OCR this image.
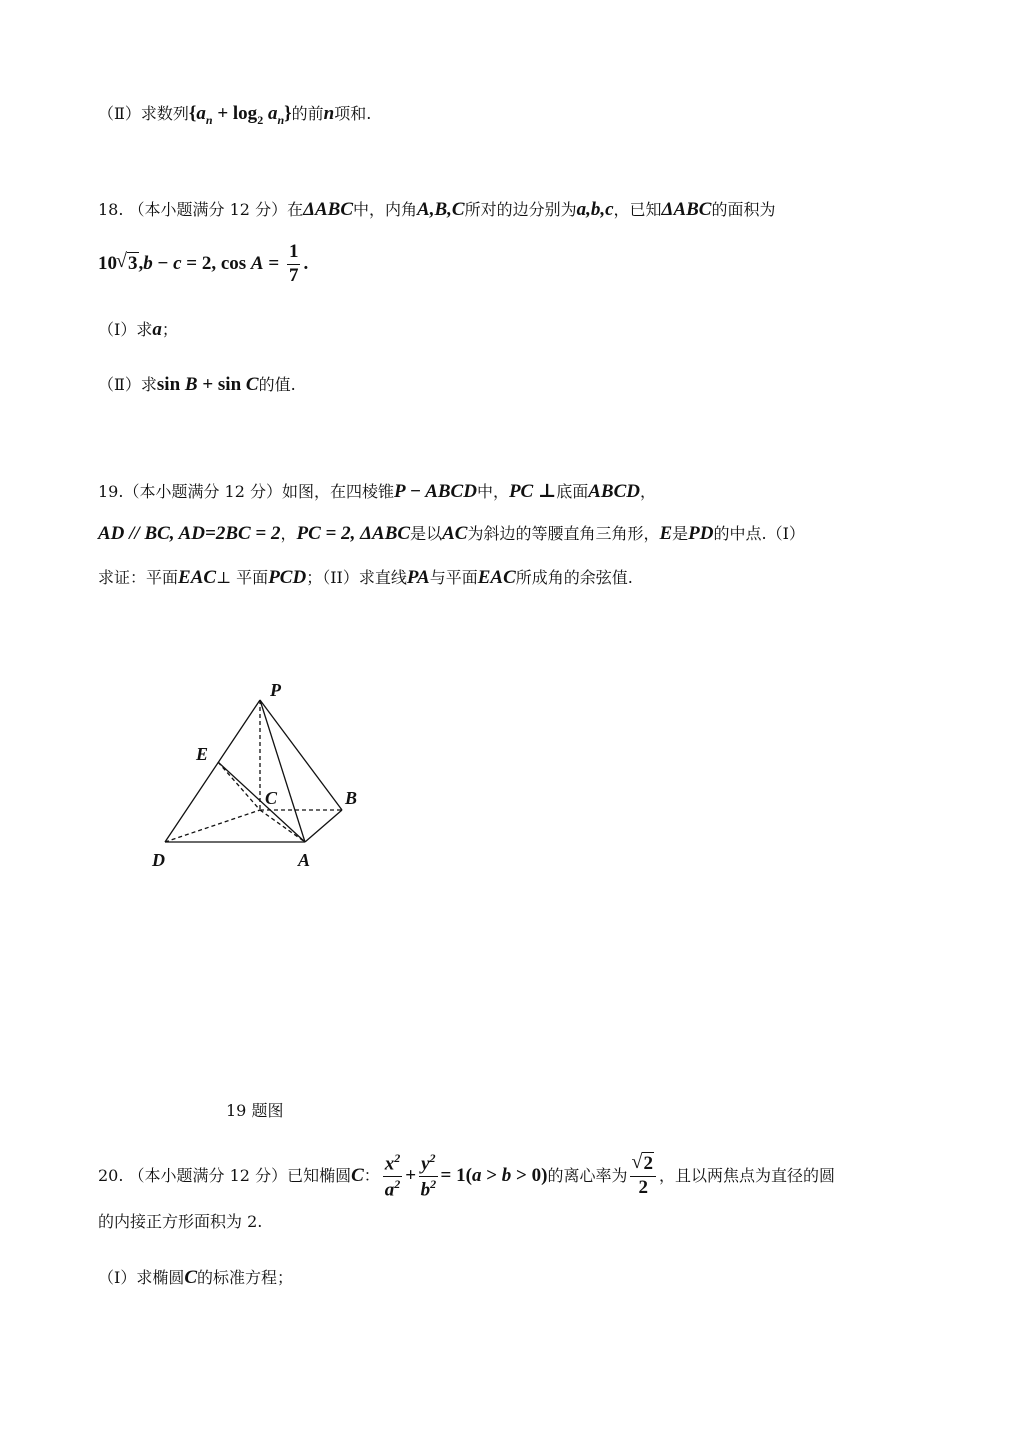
（Ⅱ）求数列$\{a_n + \log_2 a_n\}$的前n项和.
18. （本小题满分 12 分）在ΔABC中，内角A,B,C所对的边分别为a,b,c，已知ΔABC的面积为
10 √ 3,b − c = 2, $\cos A = \frac{1}{7}$ .
（Ⅰ）求a；
（Ⅱ）求sin B + sin C的值.
19.（本小题满分 12 分）如图，在四棱锥P − ABCD中，PC ⊥底面ABCD，
AD // BC, AD=2BC = 2，PC = 2, ΔABC是以AC为斜边的等腰直角三角形，E是PD的中点.（I）
求证：平面EAC⊥ 平面PCD；（II）求直线PA与平面EAC所成角的余弦值.
P
E
C	B
D	A
19 题图
20. （本小题满分 12 分）已知椭圆C： $\frac{x^2}{a^2} + \frac{y^2}{b^2} = 1(a > b > 0)$的离心率为 √ $\frac{2}{2}$ ，且以两焦点为直径的圆
的内接正方形面积为 2.
（Ⅰ）求椭圆C的标准方程；
